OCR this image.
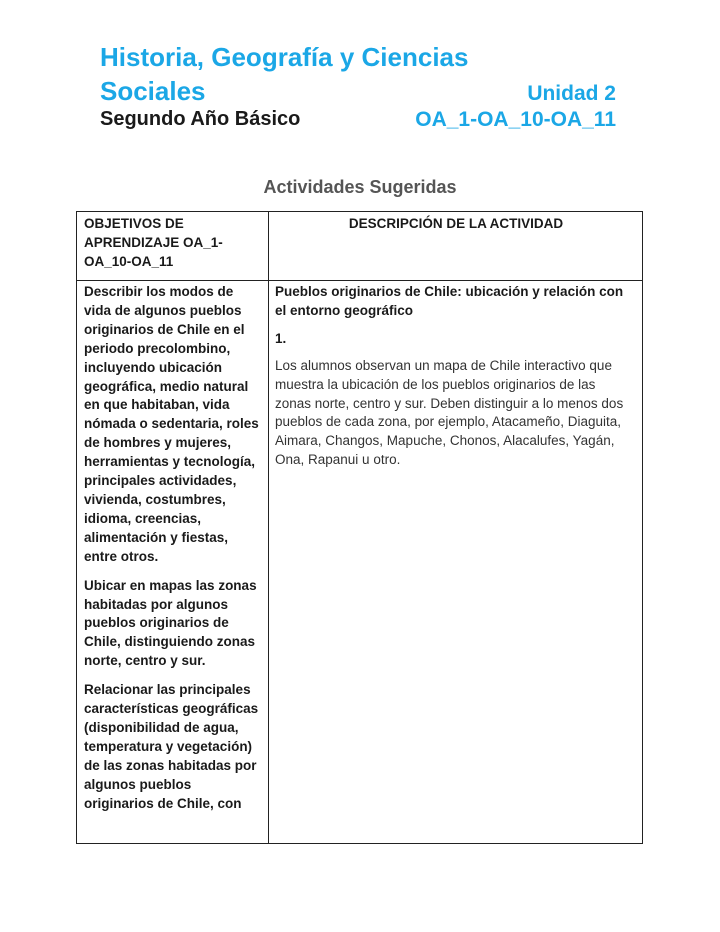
Historia, Geografía y Ciencias
Sociales	Unidad 2
Segundo Año Básico	OA_1-OA_10-OA_11
Actividades Sugeridas
OBJETIVOS DE APRENDIZAJE OA_1-OA_10-OA_11
DESCRIPCIÓN DE LA ACTIVIDAD

Describir los modos de vida de algunos pueblos originarios de Chile en el periodo precolombino, incluyendo ubicación geográfica, medio natural en que habitaban, vida nómada o sedentaria, roles de hombres y mujeres, herramientas y tecnología, principales actividades, vivienda, costumbres, idioma, creencias, alimentación y fiestas, entre otros.

Ubicar en mapas las zonas habitadas por algunos pueblos originarios de Chile, distinguiendo zonas norte, centro y sur.

Relacionar las principales características geográficas (disponibilidad de agua, temperatura y vegetación) de las zonas habitadas por algunos pueblos originarios de Chile, con

Pueblos originarios de Chile: ubicación y relación con el entorno geográfico

1.

Los alumnos observan un mapa de Chile interactivo que muestra la ubicación de los pueblos originarios de las zonas norte, centro y sur. Deben distinguir a lo menos dos pueblos de cada zona, por ejemplo, Atacameño, Diaguita, Aimara, Changos, Mapuche, Chonos, Alacalufes, Yagán, Ona, Rapanui u otro.
